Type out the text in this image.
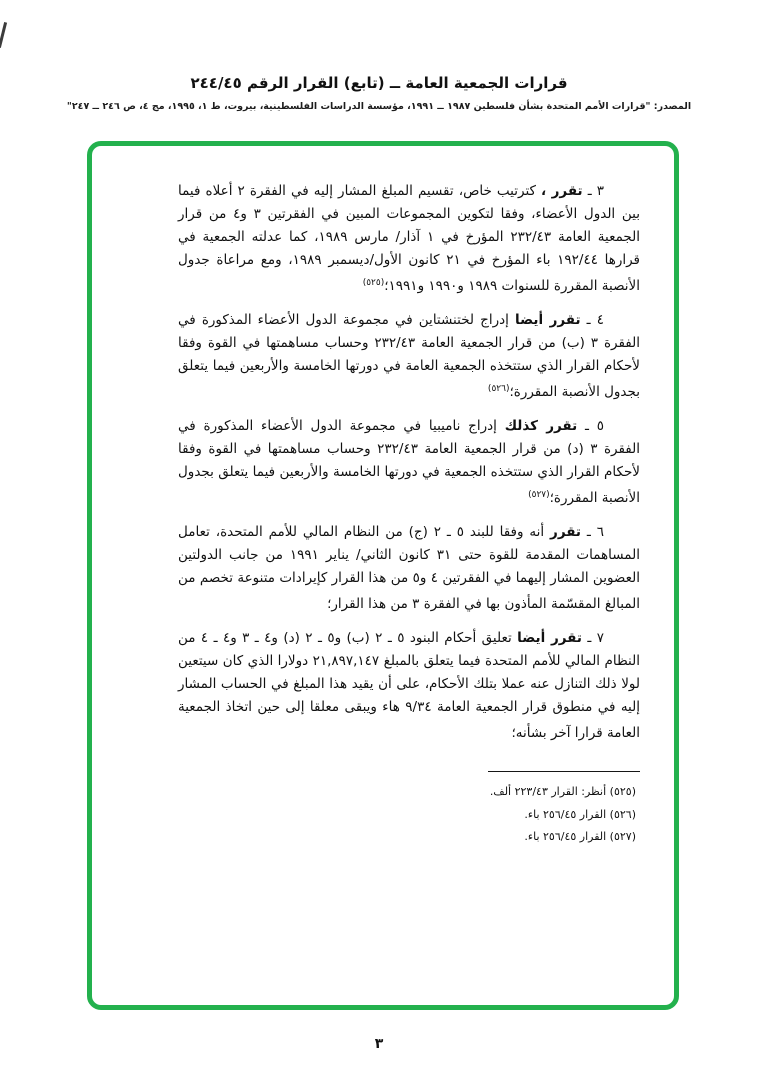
قرارات الجمعية العامة ــ (تابع) القرار الرقم ٢٤٤/٤٥
المصدر: "قرارات الأمم المتحدة بشأن فلسطين ١٩٨٧ ــ ١٩٩١، مؤسسة الدراسات الفلسطينية، بيروت، ط ١، ١٩٩٥، مج ٤، ص ٢٤٦ ــ ٢٤٧"

٣ ـ تقرر ، كترتيب خاص، تقسيم المبلغ المشار إليه في الفقرة ٢ أعلاه فيما بين الدول الأعضاء، وفقا لتكوين المجموعات المبين في الفقرتين ٣ و٤ من قرار الجمعية العامة ٢٣٢/٤٣ المؤرخ في ١ آذار/ مارس ١٩٨٩، كما عدلته الجمعية في قرارها ١٩٢/٤٤ باء المؤرخ في ٢١ كانون الأول/ديسمبر ١٩٨٩، ومع مراعاة جدول الأنصبة المقررة للسنوات ١٩٨٩ و١٩٩٠ و١٩٩١؛$^{(٥٢٥)}$

٤ ـ تقرر أيضا إدراج لختنشتاين في مجموعة الدول الأعضاء المذكورة في الفقرة ٣ (ب) من قرار الجمعية العامة ٢٣٢/٤٣ وحساب مساهمتها في القوة وفقا لأحكام القرار الذي ستتخذه الجمعية العامة في دورتها الخامسة والأربعين فيما يتعلق بجدول الأنصبة المقررة؛$^{(٥٢٦)}$

٥ ـ تقرر كذلك إدراج ناميبيا في مجموعة الدول الأعضاء المذكورة في الفقرة ٣ (د) من قرار الجمعية العامة ٢٣٢/٤٣ وحساب مساهمتها في القوة وفقا لأحكام القرار الذي ستتخذه الجمعية في دورتها الخامسة والأربعين فيما يتعلق بجدول الأنصبة المقررة؛$^{(٥٢٧)}$

٦ ـ تقرر أنه وفقا للبند ٥ ـ ٢ (ج) من النظام المالي للأمم المتحدة، تعامل المساهمات المقدمة للقوة حتى ٣١ كانون الثاني/ يناير ١٩٩١ من جانب الدولتين العضوين المشار إليهما في الفقرتين ٤ و٥ من هذا القرار كإيرادات متنوعة تخصم من المبالغ المقسّمة المأذون بها في الفقرة ٣ من هذا القرار؛

٧ ـ تقرر أيضا تعليق أحكام البنود ٥ ـ ٢ (ب) و٥ ـ ٢ (د) و٤ ـ ٣ و٤ ـ ٤ من النظام المالي للأمم المتحدة فيما يتعلق بالمبلغ ٢١,٨٩٧,١٤٧ دولارا الذي كان سيتعين لولا ذلك التنازل عنه عملا بتلك الأحكام، على أن يقيد هذا المبلغ في الحساب المشار إليه في منطوق قرار الجمعية العامة ٩/٣٤ هاء ويبقى معلقا إلى حين اتخاذ الجمعية العامة قرارا آخر بشأنه؛

(٥٢٥) أنظر: القرار ٢٢٣/٤٣ ألف.
(٥٢٦) القرار ٢٥٦/٤٥ باء.
(٥٢٧) القرار ٢٥٦/٤٥ باء.
٣
